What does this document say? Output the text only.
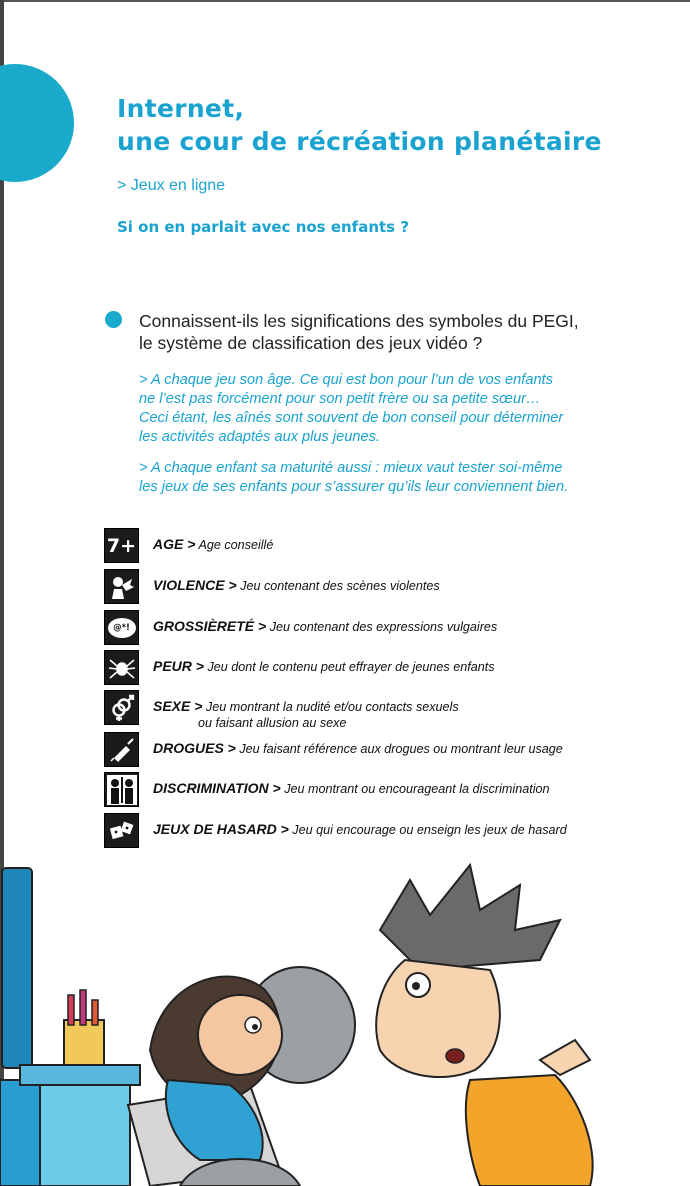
Internet,
une cour de récréation planétaire
> Jeux en ligne
Si on en parlait avec nos enfants ?
Connaissent-ils les significations des symboles du PEGI,
le système de classification des jeux vidéo ?
> A chaque jeu son âge. Ce qui est bon pour l’un de vos enfants
ne l’est pas forcément pour son petit frère ou sa petite sœur…
Ceci étant, les aînés sont souvent de bon conseil pour déterminer
les activités adaptés aux plus jeunes.
> A chaque enfant sa maturité aussi : mieux vaut tester soi-même
les jeux de ses enfants pour s’assurer qu’ils leur conviennent bien.
7+ AGE > Age conseillé
VIOLENCE > Jeu contenant des scènes violentes
@*!	GROSSIÈRETÉ > Jeu contenant des expressions vulgaires
PEUR > Jeu dont le contenu peut effrayer de jeunes enfants
SEXE > Jeu montrant la nudité et/ou contacts sexuels
ou faisant allusion au sexe
DROGUES > Jeu faisant référence aux drogues ou montrant leur usage
DISCRIMINATION > Jeu montrant ou encourageant la discrimination
JEUX DE HASARD > Jeu qui encourage ou enseign les jeux de hasard
